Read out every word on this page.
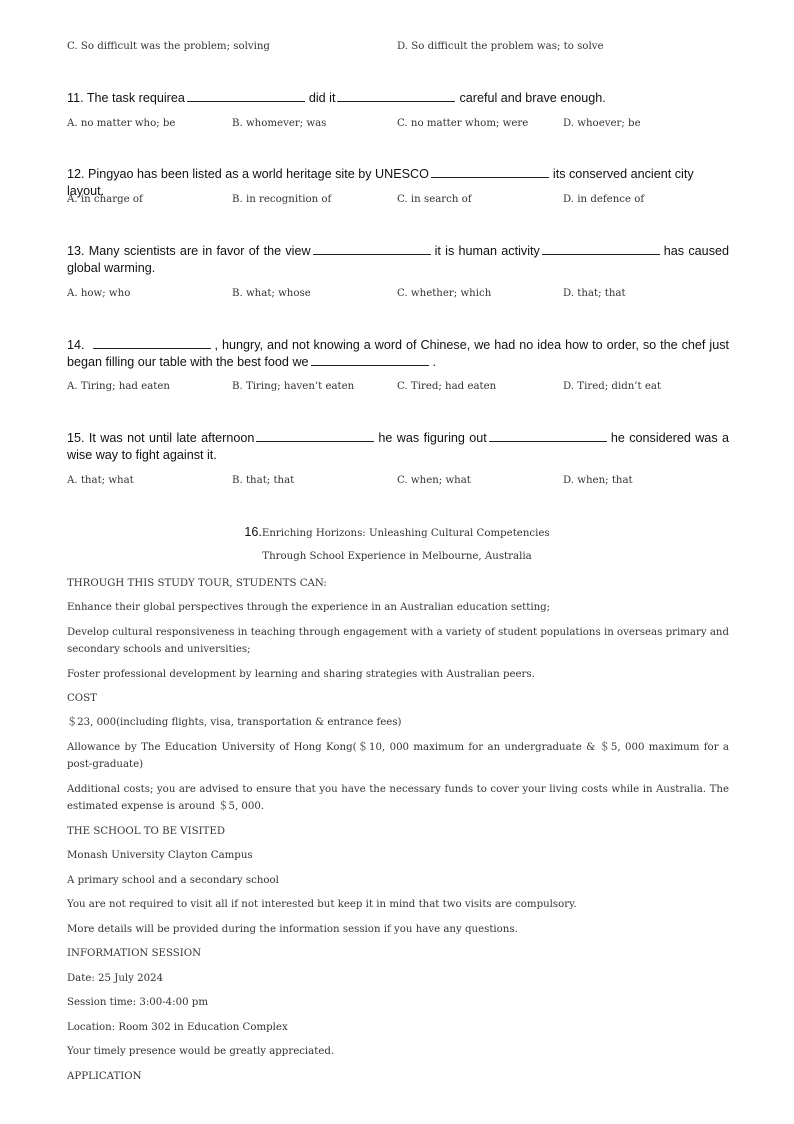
C. So difficult was the problem; solving	D. So difficult the problem was; to solve
11. The task requirea	did it	careful and brave enough.
A. no matter who; be	B. whomever; was	C. no matter whom; were	D. whoever; be
12. Pingyao has been listed as a world heritage site by UNESCO	its conserved ancient city layout.
A. in charge of	B. in recognition of	C. in search of	D. in defence of
13. Many scientists are in favor of the view	it is human activity	has caused
global warming.
A. how; who	B. what; whose	C. whether; which	D. that; that
14.	, hungry, and not knowing a word of Chinese, we had no idea how to order, so the chef just
began filling our table with the best food we	.
A. Tiring; had eaten	B. Tiring; haven’t eaten	C. Tired; had eaten	D. Tired; didn’t eat
15. It was not until late afternoon	he was figuring out	he considered was a
wise way to fight against it.
A. that; what	B. that; that	C. when; what	D. when; that
16.Enriching Horizons: Unleashing Cultural Competencies
Through School Experience in Melbourne, Australia
THROUGH THIS STUDY TOUR, STUDENTS CAN:
Enhance their global perspectives through the experience in an Australian education setting;
Develop cultural responsiveness in teaching through engagement with a variety of student populations in overseas primary and secondary schools and universities;
Foster professional development by learning and sharing strategies with Australian peers.
COST
＄23, 000(including flights, visa, transportation & entrance fees)
Allowance by The Education University of Hong Kong(＄10, 000 maximum for an undergraduate & ＄5, 000 maximum for a post-graduate)
Additional costs; you are advised to ensure that you have the necessary funds to cover your living costs while in Australia. The estimated expense is around ＄5, 000.
THE SCHOOL TO BE VISITED
Monash University Clayton Campus
A primary school and a secondary school
You are not required to visit all if not interested but keep it in mind that two visits are compulsory.
More details will be provided during the information session if you have any questions.
INFORMATION SESSION
Date: 25 July 2024
Session time: 3:00-4:00 pm
Location: Room 302 in Education Complex
Your timely presence would be greatly appreciated.
APPLICATION
